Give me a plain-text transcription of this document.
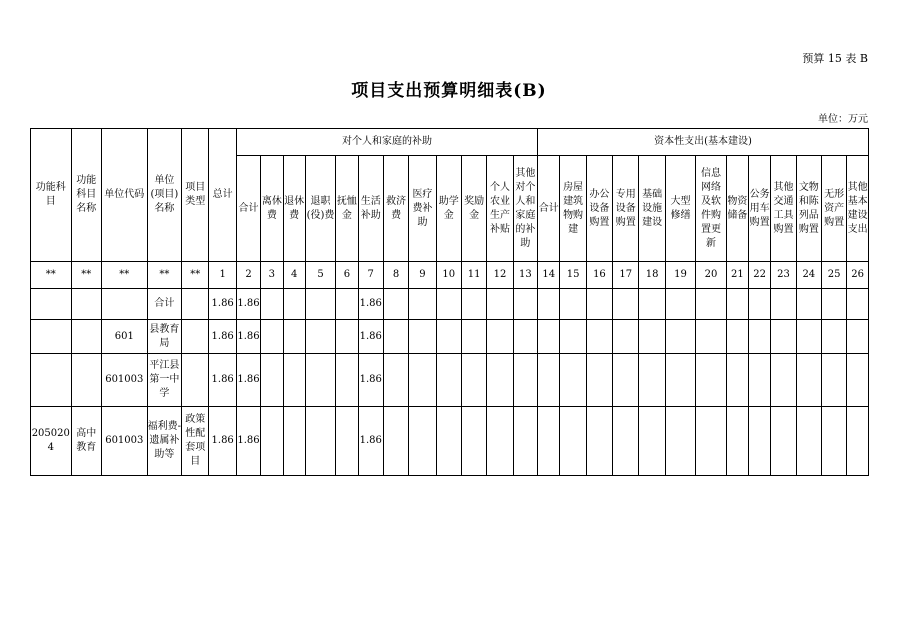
预算 15 表 B
项目支出预算明细表(B)
单位：万元
功能科目	功能科目名称	单位代码	单位(项目)名称	项目类型	总计	对个人和家庭的补助												资本性支出(基本建设)												
						合计	离休费	退休费	退职(役)费	抚恤金	生活补助	救济费	医疗费补助	助学金	奖励金	个人农业生产补贴	其他对个人和家庭的补助	合计	房屋建筑物购建	办公设备购置	专用设备购置	基础设施建设	大型修缮	信息网络及软件购置更新	物资储备	公务用车购置	其他交通工具购置	文物和陈列品购置	无形资产购置	其他基本建设支出
**	**	**	**	**	1	2	3	4	5	6	7	8	9	10	11	12	13	14	15	16	17	18	19	20	21	22	23	24	25	26
			合计		1.86	1.86					1.86																			
		601	县教育局		1.86	1.86					1.86																			
		601003	平江县第一中学		1.86	1.86					1.86																			
2050204	高中教育	601003	福利费-遗属补助等	政策性配套项目	1.86	1.86					1.86																			
